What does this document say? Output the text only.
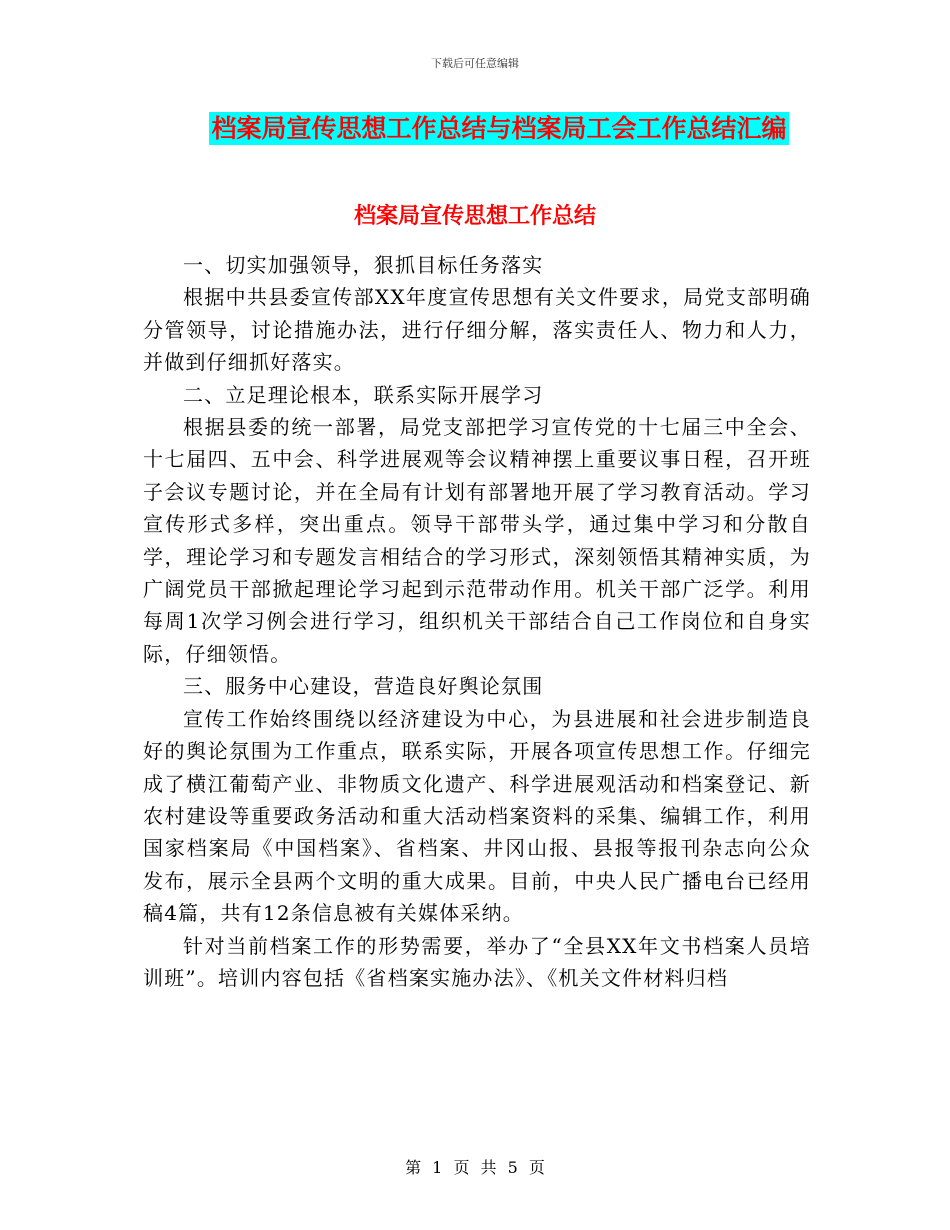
下载后可任意编辑
档案局宣传思想工作总结与档案局工会工作总结汇编
档案局宣传思想工作总结

一、切实加强领导，狠抓目标任务落实

根据中共县委宣传部XX年度宣传思想有关文件要求，局党支部明确分管领导，讨论措施办法，进行仔细分解，落实责任人、物力和人力，并做到仔细抓好落实。

二、立足理论根本，联系实际开展学习

根据县委的统一部署，局党支部把学习宣传党的十七届三中全会、十七届四、五中会、科学进展观等会议精神摆上重要议事日程，召开班子会议专题讨论，并在全局有计划有部署地开展了学习教育活动。学习宣传形式多样，突出重点。领导干部带头学，通过集中学习和分散自学，理论学习和专题发言相结合的学习形式，深刻领悟其精神实质，为广阔党员干部掀起理论学习起到示范带动作用。机关干部广泛学。利用每周1次学习例会进行学习，组织机关干部结合自己工作岗位和自身实际，仔细领悟。

三、服务中心建设，营造良好舆论氛围

宣传工作始终围绕以经济建设为中心，为县进展和社会进步制造良好的舆论氛围为工作重点，联系实际，开展各项宣传思想工作。仔细完成了横江葡萄产业、非物质文化遗产、科学进展观活动和档案登记、新农村建设等重要政务活动和重大活动档案资料的采集、编辑工作，利用国家档案局《中国档案》、省档案、井冈山报、县报等报刊杂志向公众发布，展示全县两个文明的重大成果。目前，中央人民广播电台已经用稿4篇，共有12条信息被有关媒体采纳。

针对当前档案工作的形势需要，举办了“全县XX年文书档案人员培训班”。培训内容包括《省档案实施办法》、《机关文件材料归档

第 1 页 共 5 页
